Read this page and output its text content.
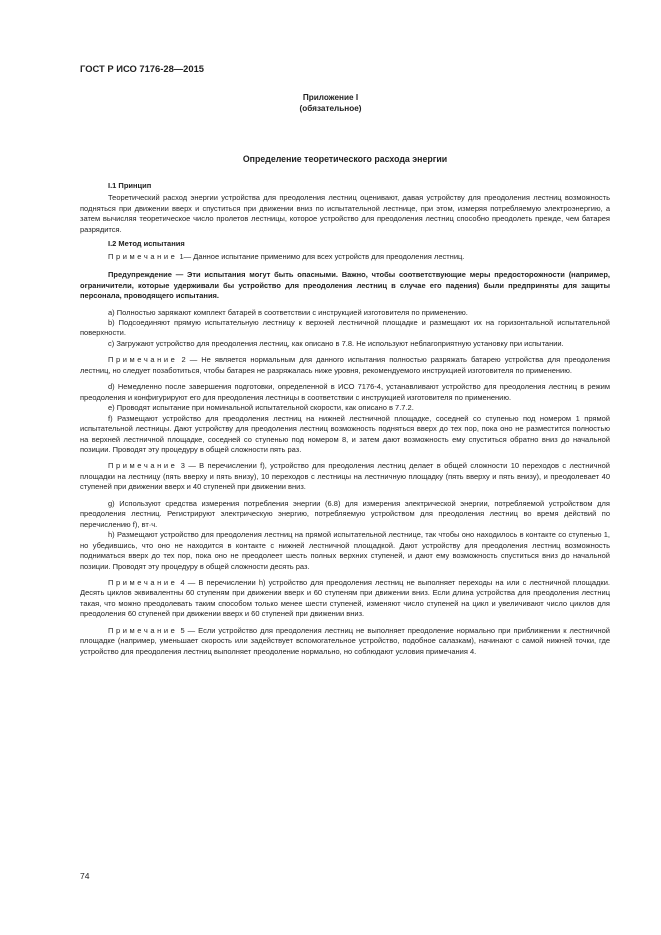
ГОСТ Р ИСО 7176-28—2015
Приложение I
(обязательное)
Определение теоретического расхода энергии
I.1 Принцип

Теоретический расход энергии устройства для преодоления лестниц оценивают, давая устройству для преодоления лестниц возможность подняться при движении вверх и спуститься при движении вниз по испытательной лестнице, при этом, измеряя потребляемую электроэнергию, а затем вычисляя теоретическое число пролетов лестницы, которое устройство для преодоления лестниц способно преодолеть прежде, чем батарея разрядится.

I.2 Метод испытания

Примечание 1— Данное испытание применимо для всех устройств для преодоления лестниц.

Предупреждение — Эти испытания могут быть опасными. Важно, чтобы соответствующие меры предосторожности (например, ограничители, которые удерживали бы устройство для преодоления лестниц в случае его падения) были предприняты для защиты персонала, проводящего испытания.

а) Полностью заряжают комплект батарей в соответствии с инструкцией изготовителя по применению.

b) Подсоединяют прямую испытательную лестницу к верхней лестничной площадке и размещают их на горизонтальной испытательной поверхности.

с) Загружают устройство для преодоления лестниц, как описано в 7.8. Не используют неблагоприятную установку при испытании.

Примечание 2 — Не является нормальным для данного испытания полностью разряжать батарею устройства для преодоления лестниц, но следует позаботиться, чтобы батарея не разряжалась ниже уровня, рекомендуемого инструкцией изготовителя по применению.

d) Немедленно после завершения подготовки, определенной в ИСО 7176-4, устанавливают устройство для преодоления лестниц в режим преодоления и конфигурируют его для преодоления лестницы в соответствии с инструкцией изготовителя по применению.

е) Проводят испытание при номинальной испытательной скорости, как описано в 7.7.2.

f) Размещают устройство для преодоления лестниц на нижней лестничной площадке, соседней со ступенью под номером 1 прямой испытательной лестницы. Дают устройству для преодоления лестниц возможность подняться вверх до тех пор, пока оно не разместится полностью на верхней лестничной площадке, соседней со ступенью под номером 8, и затем дают возможность ему спуститься обратно вниз до начальной позиции. Проводят эту процедуру в общей сложности пять раз.

Примечание 3 — В перечислении f), устройство для преодоления лестниц делает в общей сложности 10 переходов с лестничной площадки на лестницу (пять вверху и пять внизу), 10 переходов с лестницы на лестничную площадку (пять вверху и пять внизу), и преодолевает 40 ступеней при движении вверх и 40 ступеней при движении вниз.

g) Используют средства измерения потребления энергии (6.8) для измерения электрической энергии, потребляемой устройством для преодоления лестниц. Регистрируют электрическую энергию, потребляемую устройством для преодоления лестниц во время действий по перечислению f), вт·ч.

h) Размещают устройство для преодоления лестниц на прямой испытательной лестнице, так чтобы оно находилось в контакте со ступенью 1, но убедившись, что оно не находится в контакте с нижней лестничной площадкой. Дают устройству для преодоления лестниц возможность подниматься вверх до тех пор, пока оно не преодолеет шесть полных верхних ступеней, и дают ему возможность спуститься вниз до начальной позиции. Проводят эту процедуру в общей сложности десять раз.

Примечание 4 — В перечислении h) устройство для преодоления лестниц не выполняет переходы на или с лестничной площадки. Десять циклов эквивалентны 60 ступеням при движении вверх и 60 ступеням при движении вниз. Если длина устройства для преодоления лестниц такая, что можно преодолевать таким способом только менее шести ступеней, изменяют число ступеней на цикл и увеличивают число циклов для преодоления 60 ступеней при движении вверх и 60 ступеней при движении вниз.

Примечание 5 — Если устройство для преодоления лестниц не выполняет преодоление нормально при приближении к лестничной площадке (например, уменьшает скорость или задействует вспомогательное устройство, подобное салазкам), начинают с самой нижней точки, где устройство для преодоления лестниц выполняет преодоление нормально, но соблюдают условия примечания 4.

74
